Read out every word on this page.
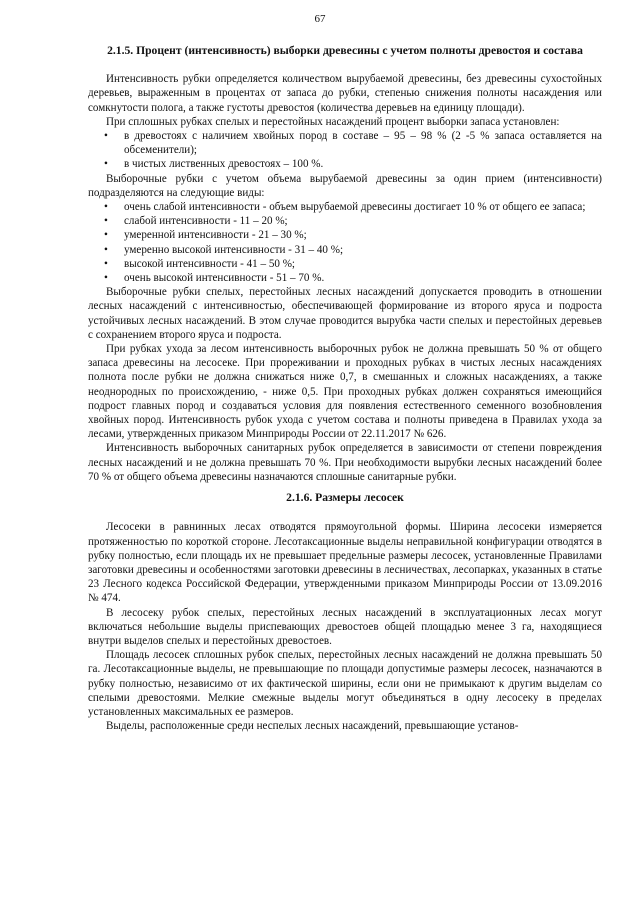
67
2.1.5. Процент (интенсивность) выборки древесины с учетом полноты древостоя и состава

Интенсивность рубки определяется количеством вырубаемой древесины, без древесины сухостойных деревьев, выраженным в процентах от запаса до рубки, степенью снижения полноты насаждения или сомкнутости полога, а также густоты древостоя (количества деревьев на единицу площади).

При сплошных рубках спелых и перестойных насаждений процент выборки запаса установлен:

• в древостоях с наличием хвойных пород в составе – 95 – 98 % (2 -5 % запаса оставляется на обсеменители);
• в чистых лиственных древостоях – 100 %.

Выборочные рубки с учетом объема вырубаемой древесины за один прием (интенсивности) подразделяются на следующие виды:

• очень слабой интенсивности - объем вырубаемой древесины достигает 10 % от общего ее запаса;
• слабой интенсивности - 11 – 20 %;
• умеренной интенсивности - 21 – 30 %;
• умеренно высокой интенсивности - 31 – 40 %;
• высокой интенсивности - 41 – 50 %;
• очень высокой интенсивности - 51 – 70 %.

Выборочные рубки спелых, перестойных лесных насаждений допускается проводить в отношении лесных насаждений с интенсивностью, обеспечивающей формирование из второго яруса и подроста устойчивых лесных насаждений. В этом случае проводится вырубка части спелых и перестойных деревьев с сохранением второго яруса и подроста.

При рубках ухода за лесом интенсивность выборочных рубок не должна превышать 50 % от общего запаса древесины на лесосеке. При прореживании и проходных рубках в чистых лесных насаждениях полнота после рубки не должна снижаться ниже 0,7, в смешанных и сложных насаждениях, а также неоднородных по происхождению, - ниже 0,5. При проходных рубках должен сохраняться имеющийся подрост главных пород и создаваться условия для появления естественного семенного возобновления хвойных пород. Интенсивность рубок ухода с учетом состава и полноты приведена в Правилах ухода за лесами, утвержденных приказом Минприроды России от 22.11.2017 № 626.

Интенсивность выборочных санитарных рубок определяется в зависимости от степени повреждения лесных насаждений и не должна превышать 70 %. При необходимости вырубки лесных насаждений более 70 % от общего объема древесины назначаются сплошные санитарные рубки.

2.1.6. Размеры лесосек

Лесосеки в равнинных лесах отводятся прямоугольной формы. Ширина лесосеки измеряется протяженностью по короткой стороне. Лесотаксационные выделы неправильной конфигурации отводятся в рубку полностью, если площадь их не превышает предельные размеры лесосек, установленные Правилами заготовки древесины и особенностями заготовки древесины в лесничествах, лесопарках, указанных в статье 23 Лесного кодекса Российской Федерации, утвержденными приказом Минприроды России от 13.09.2016 № 474.

В лесосеку рубок спелых, перестойных лесных насаждений в эксплуатационных лесах могут включаться небольшие выделы приспевающих древостоев общей площадью менее 3 га, находящиеся внутри выделов спелых и перестойных древостоев.

Площадь лесосек сплошных рубок спелых, перестойных лесных насаждений не должна превышать 50 га. Лесотаксационные выделы, не превышающие по площади допустимые размеры лесосек, назначаются в рубку полностью, независимо от их фактической ширины, если они не примыкают к другим выделам со спелыми древостоями. Мелкие смежные выделы могут объединяться в одну лесосеку в пределах установленных максимальных ее размеров.

Выделы, расположенные среди неспелых лесных насаждений, превышающие установ-
